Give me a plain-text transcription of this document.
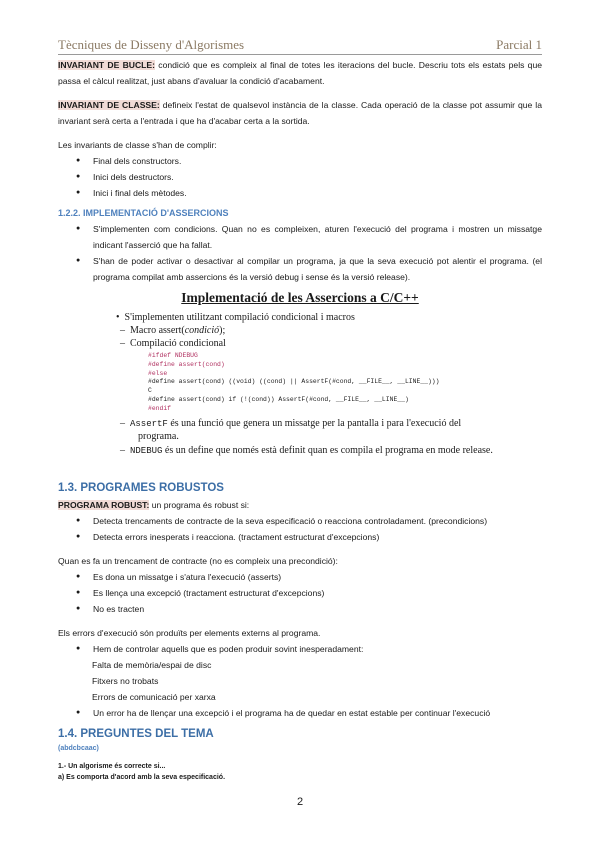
Tècniques de Disseny d'Algorismes	Parcial 1

INVARIANT DE BUCLE: condició que es compleix al final de totes les iteracions del bucle. Descriu tots els estats pels que passa el càlcul realitzat, just abans d'avaluar la condició d'acabament.

INVARIANT DE CLASSE: defineix l'estat de qualsevol instància de la classe. Cada operació de la classe pot assumir que la invariant serà certa a l'entrada i que ha d'acabar certa a la sortida.

Les invariants de classe s'han de complir:

● Final dels constructors.
● Inici dels destructors.
● Inici i final dels mètodes.
1.2.2. IMPLEMENTACIÓ D'ASSERCIONS
● S'implementen com condicions. Quan no es compleixen, aturen l'execució del programa i mostren un missatge indicant l'asserció que ha fallat.
● S'han de poder activar o desactivar al compilar un programa, ja que la seva execució pot alentir el programa. (el programa compilat amb assercions és la versió debug i sense és la versió release).
Implementació de les Assercions a C/C++
•  S'implementen utilitzant compilació condicional i macros
–  Macro assert(condició);
–  Compilació condicional
#ifdef NDEBUG
#define assert(cond)
#else
#define assert(cond) ((void) ((cond) || AssertF(#cond, __FILE__, __LINE__)))
C
#define assert(cond) if (!(cond)) AssertF(#cond, __FILE__, __LINE__)
#endif
–  AssertF és una funció que genera un missatge per la pantalla i para l'execució del
programa.
–  NDEBUG és un define que només està definit quan es compila el programa en mode release.
1.3. PROGRAMES ROBUSTOS

PROGRAMA ROBUST: un programa és robust si:

● Detecta trencaments de contracte de la seva especificació o reacciona controladament. (precondicions)
● Detecta errors inesperats i reacciona. (tractament estructurat d'excepcions)

Quan es fa un trencament de contracte (no es compleix una precondició):

● Es dona un missatge i s'atura l'execució (asserts)
● Es llença una excepció (tractament estructurat d'excepcions)
● No es tracten

Els errors d'execució són produïts per elements externs al programa.

● Hem de controlar aquells que es poden produir sovint inesperadament:
Falta de memòria/espai de disc
Fitxers no trobats
Errors de comunicació per xarxa
● Un error ha de llençar una excepció i el programa ha de quedar en estat estable per continuar l'execució
1.4. PREGUNTES DEL TEMA
(abdcbcaac)
1.- Un algorisme és correcte si...
a) Es comporta d'acord amb la seva especificació.
2
